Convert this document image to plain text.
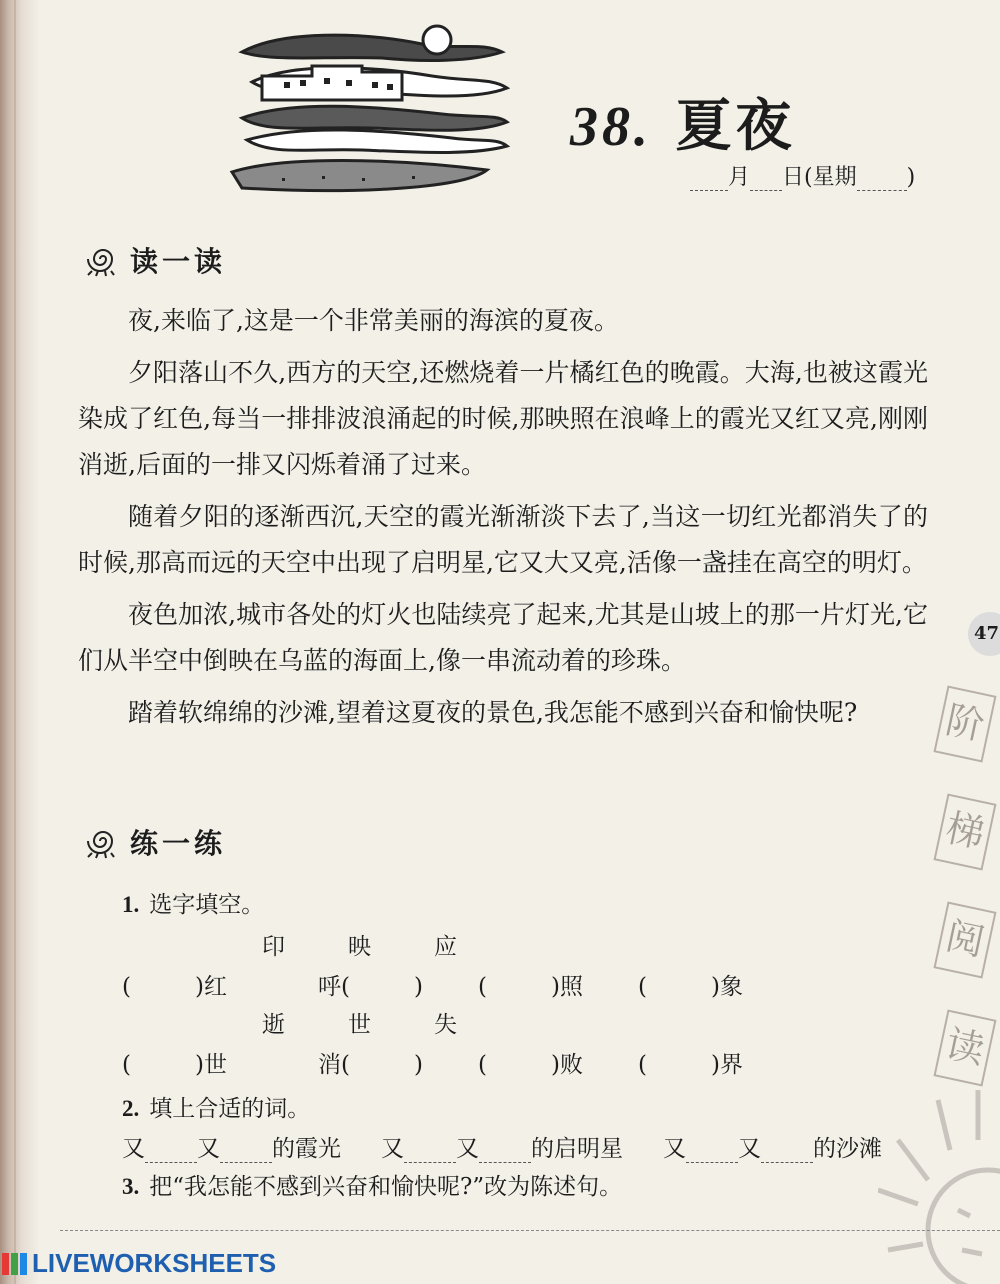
38. 夏夜
月 日(星期 )
读一读

夜,来临了,这是一个非常美丽的海滨的夏夜。

夕阳落山不久,西方的天空,还燃烧着一片橘红色的晚霞。大海,也被这霞光染成了红色,每当一排排波浪涌起的时候,那映照在浪峰上的霞光又红又亮,刚刚消逝,后面的一排又闪烁着涌了过来。

随着夕阳的逐渐西沉,天空的霞光渐渐淡下去了,当这一切红光都消失了的时候,那高而远的天空中出现了启明星,它又大又亮,活像一盏挂在高空的明灯。

夜色加浓,城市各处的灯火也陆续亮了起来,尤其是山坡上的那一片灯光,它们从半空中倒映在乌蓝的海面上,像一串流动着的珍珠。

踏着软绵绵的沙滩,望着这夏夜的景色,我怎能不感到兴奋和愉快呢?

练一练
1. 选字填空。
印	映	应
(	)红	呼(	) (	)照 (	)象
逝	世	失
(	)世	消(	) (	)败 (	)界
2. 填上合适的词。
又 又 的霞光 又 又 的启明星 又 又 的沙滩
3. 把“我怎能不感到兴奋和愉快呢?”改为陈述句。
47
阶
梯
阅
读
LIVEWORKSHEETS
